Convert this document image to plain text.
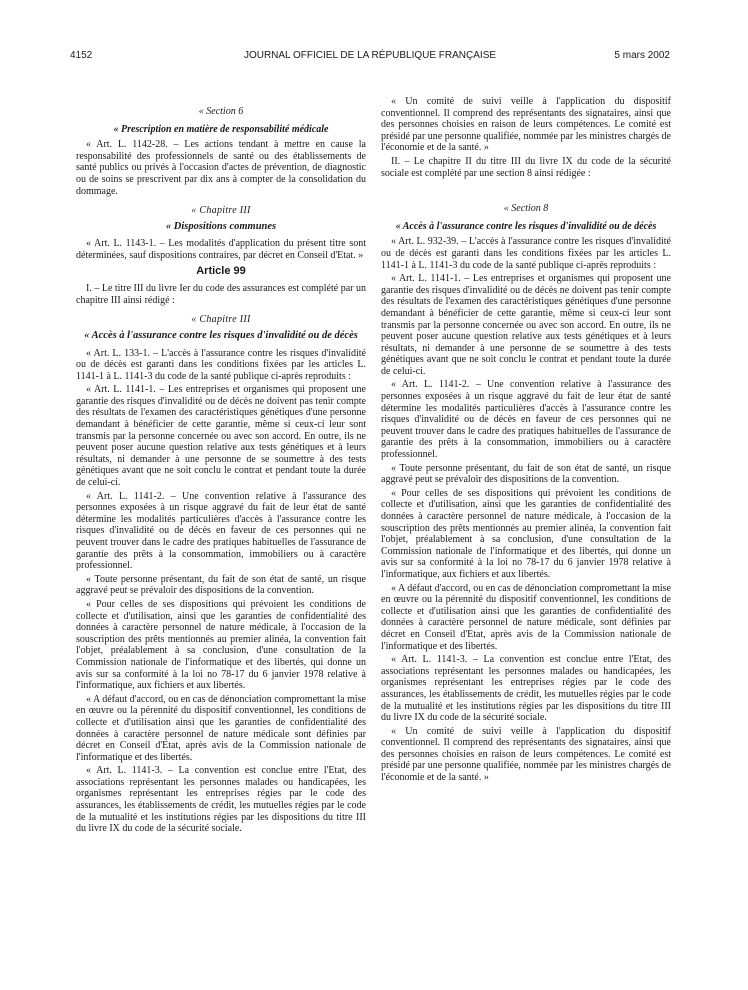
JOURNAL OFFICIEL DE LA RÉPUBLIQUE FRANÇAISE
4152	5 mars 2002

« Section 6

« Prescription en matière de responsabilité médicale

« Art. L. 1142-28. – Les actions tendant à mettre en cause la responsabilité des professionnels de santé ou des établissements de santé publics ou privés à l'occasion d'actes de prévention, de diagnostic ou de soins se prescrivent par dix ans à compter de la consolidation du dommage.

« Chapitre III

« Dispositions communes

« Art. L. 1143-1. – Les modalités d'application du présent titre sont déterminées, sauf dispositions contraires, par décret en Conseil d'Etat. »

Article 99

I. – Le titre III du livre Ier du code des assurances est complété par un chapitre III ainsi rédigé :

« Chapitre III

« Accès à l'assurance contre les risques d'invalidité ou de décès

« Art. L. 133-1. – L'accès à l'assurance contre les risques d'invalidité ou de décès est garanti dans les conditions fixées par les articles L. 1141-1 à L. 1141-3 du code de la santé publique ci-après reproduits :

« Art. L. 1141-1. – Les entreprises et organismes qui proposent une garantie des risques d'invalidité ou de décès ne doivent pas tenir compte des résultats de l'examen des caractéristiques génétiques d'une personne demandant à bénéficier de cette garantie, même si ceux-ci leur sont transmis par la personne concernée ou avec son accord. En outre, ils ne peuvent poser aucune question relative aux tests génétiques et à leurs résultats, ni demander à une personne de se soumettre à des tests génétiques avant que ne soit conclu le contrat et pendant toute la durée de celui-ci.

« Art. L. 1141-2. – Une convention relative à l'assurance des personnes exposées à un risque aggravé du fait de leur état de santé détermine les modalités particulières d'accès à l'assurance contre les risques d'invalidité ou de décès en faveur de ces personnes qui ne peuvent trouver dans le cadre des pratiques habituelles de l'assurance de garantie des prêts à la consommation, immobiliers ou à caractère professionnel.

« Toute personne présentant, du fait de son état de santé, un risque aggravé peut se prévaloir des dispositions de la convention.

« Pour celles de ses dispositions qui prévoient les conditions de collecte et d'utilisation, ainsi que les garanties de confidentialité des données à caractère personnel de nature médicale, à l'occasion de la souscription des prêts mentionnés au premier alinéa, la convention fait l'objet, préalablement à sa conclusion, d'une consultation de la Commission nationale de l'informatique et des libertés, qui donne un avis sur sa conformité à la loi no 78-17 du 6 janvier 1978 relative à l'informatique, aux fichiers et aux libertés.

« A défaut d'accord, ou en cas de dénonciation compromettant la mise en œuvre ou la pérennité du dispositif conventionnel, les conditions de collecte et d'utilisation ainsi que les garanties de confidentialité des données à caractère personnel de nature médicale sont définies par décret en Conseil d'Etat, après avis de la Commission nationale de l'informatique et des libertés.

« Art. L. 1141-3. – La convention est conclue entre l'Etat, des associations représentant les personnes malades ou handicapées, les organismes représentant les entreprises régies par le code des assurances, les établissements de crédit, les mutuelles régies par le code de la mutualité et les institutions régies par les dispositions du titre III du livre IX du code de la sécurité sociale.

« Un comité de suivi veille à l'application du dispositif conventionnel. Il comprend des représentants des signataires, ainsi que des personnes choisies en raison de leurs compétences. Le comité est présidé par une personne qualifiée, nommée par les ministres chargés de l'économie et de la santé. »

II. – Le chapitre II du titre III du livre IX du code de la sécurité sociale est complété par une section 8 ainsi rédigée :

« Section 8

« Accès à l'assurance contre les risques d'invalidité ou de décès

« Art. L. 932-39. – L'accès à l'assurance contre les risques d'invalidité ou de décès est garanti dans les conditions fixées par les articles L. 1141-1 à L. 1141-3 du code de la santé publique ci-après reproduits :

« Art. L. 1141-1. – Les entreprises et organismes qui proposent une garantie des risques d'invalidité ou de décès ne doivent pas tenir compte des résultats de l'examen des caractéristiques génétiques d'une personne demandant à bénéficier de cette garantie, même si ceux-ci leur sont transmis par la personne concernée ou avec son accord. En outre, ils ne peuvent poser aucune question relative aux tests génétiques et à leurs résultats, ni demander à une personne de se soumettre à des tests génétiques avant que ne soit conclu le contrat et pendant toute la durée de celui-ci.

« Art. L. 1141-2. – Une convention relative à l'assurance des personnes exposées à un risque aggravé du fait de leur état de santé détermine les modalités particulières d'accès à l'assurance contre les risques d'invalidité ou de décès en faveur de ces personnes qui ne peuvent trouver dans le cadre des pratiques habituelles de l'assurance de garantie des prêts à la consommation, immobiliers ou à caractère professionnel.

« Toute personne présentant, du fait de son état de santé, un risque aggravé peut se prévaloir des dispositions de la convention.

« Pour celles de ses dispositions qui prévoient les conditions de collecte et d'utilisation, ainsi que les garanties de confidentialité des données à caractère personnel de nature médicale, à l'occasion de la souscription des prêts mentionnés au premier alinéa, la convention fait l'objet, préalablement à sa conclusion, d'une consultation de la Commission nationale de l'informatique et des libertés, qui donne un avis sur sa conformité à la loi no 78-17 du 6 janvier 1978 relative à l'informatique, aux fichiers et aux libertés.

« A défaut d'accord, ou en cas de dénonciation compromettant la mise en œuvre ou la pérennité du dispositif conventionnel, les conditions de collecte et d'utilisation ainsi que les garanties de confidentialité des données à caractère personnel de nature médicale, sont définies par décret en Conseil d'Etat, après avis de la Commission nationale de l'informatique et des libertés.

« Art. L. 1141-3. – La convention est conclue entre l'Etat, des associations représentant les personnes malades ou handicapées, les organismes représentant les entreprises régies par le code des assurances, les établissements de crédit, les mutuelles régies par le code de la mutualité et les institutions régies par les dispositions du titre III du livre IX du code de la sécurité sociale.

« Un comité de suivi veille à l'application du dispositif conventionnel. Il comprend des représentants des signataires, ainsi que des personnes choisies en raison de leurs compétences. Le comité est présidé par une personne qualifiée, nommée par les ministres chargés de l'économie et de la santé. »
